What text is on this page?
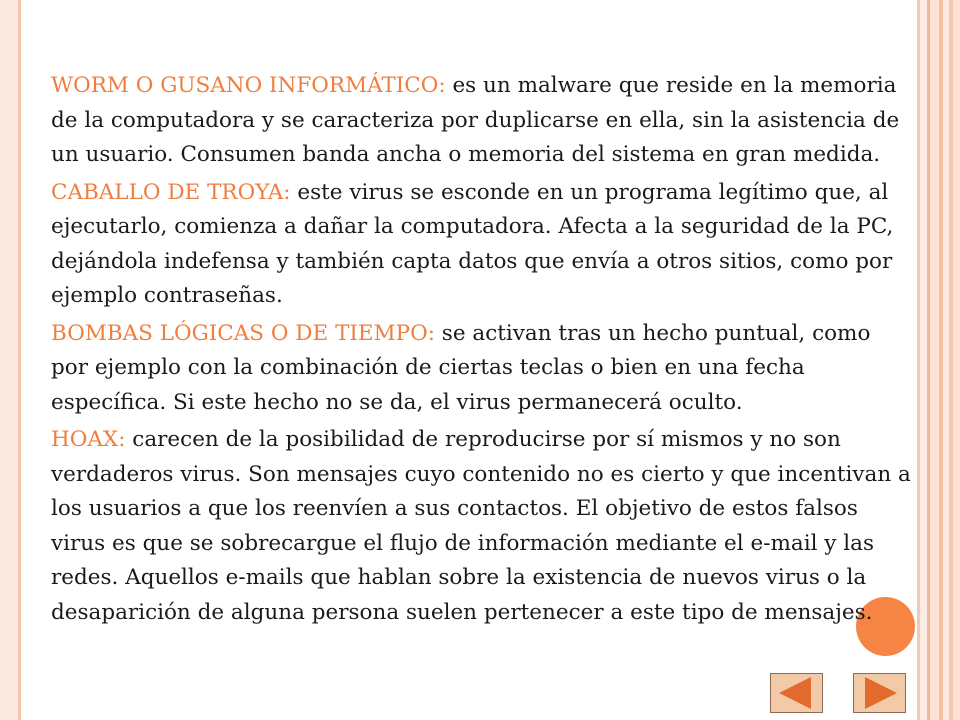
WORM O GUSANO INFORMÁTICO: es un malware que reside en la memoria de la computadora y se caracteriza por duplicarse en ella, sin la asistencia de un usuario. Consumen banda ancha o memoria del sistema en gran medida.

CABALLO DE TROYA: este virus se esconde en un programa legítimo que, al ejecutarlo, comienza a dañar la computadora. Afecta a la seguridad de la PC, dejándola indefensa y también capta datos que envía a otros sitios, como por ejemplo contraseñas.

BOMBAS LÓGICAS O DE TIEMPO: se activan tras un hecho puntual, como por ejemplo con la combinación de ciertas teclas o bien en una fecha específica. Si este hecho no se da, el virus permanecerá oculto.

HOAX: carecen de la posibilidad de reproducirse por sí mismos y no son verdaderos virus. Son mensajes cuyo contenido no es cierto y que incentivan a los usuarios a que los reenvíen a sus contactos. El objetivo de estos falsos virus es que se sobrecargue el flujo de información mediante el e-mail y las redes. Aquellos e-mails que hablan sobre la existencia de nuevos virus o la desaparición de alguna persona suelen pertenecer a este tipo de mensajes.
